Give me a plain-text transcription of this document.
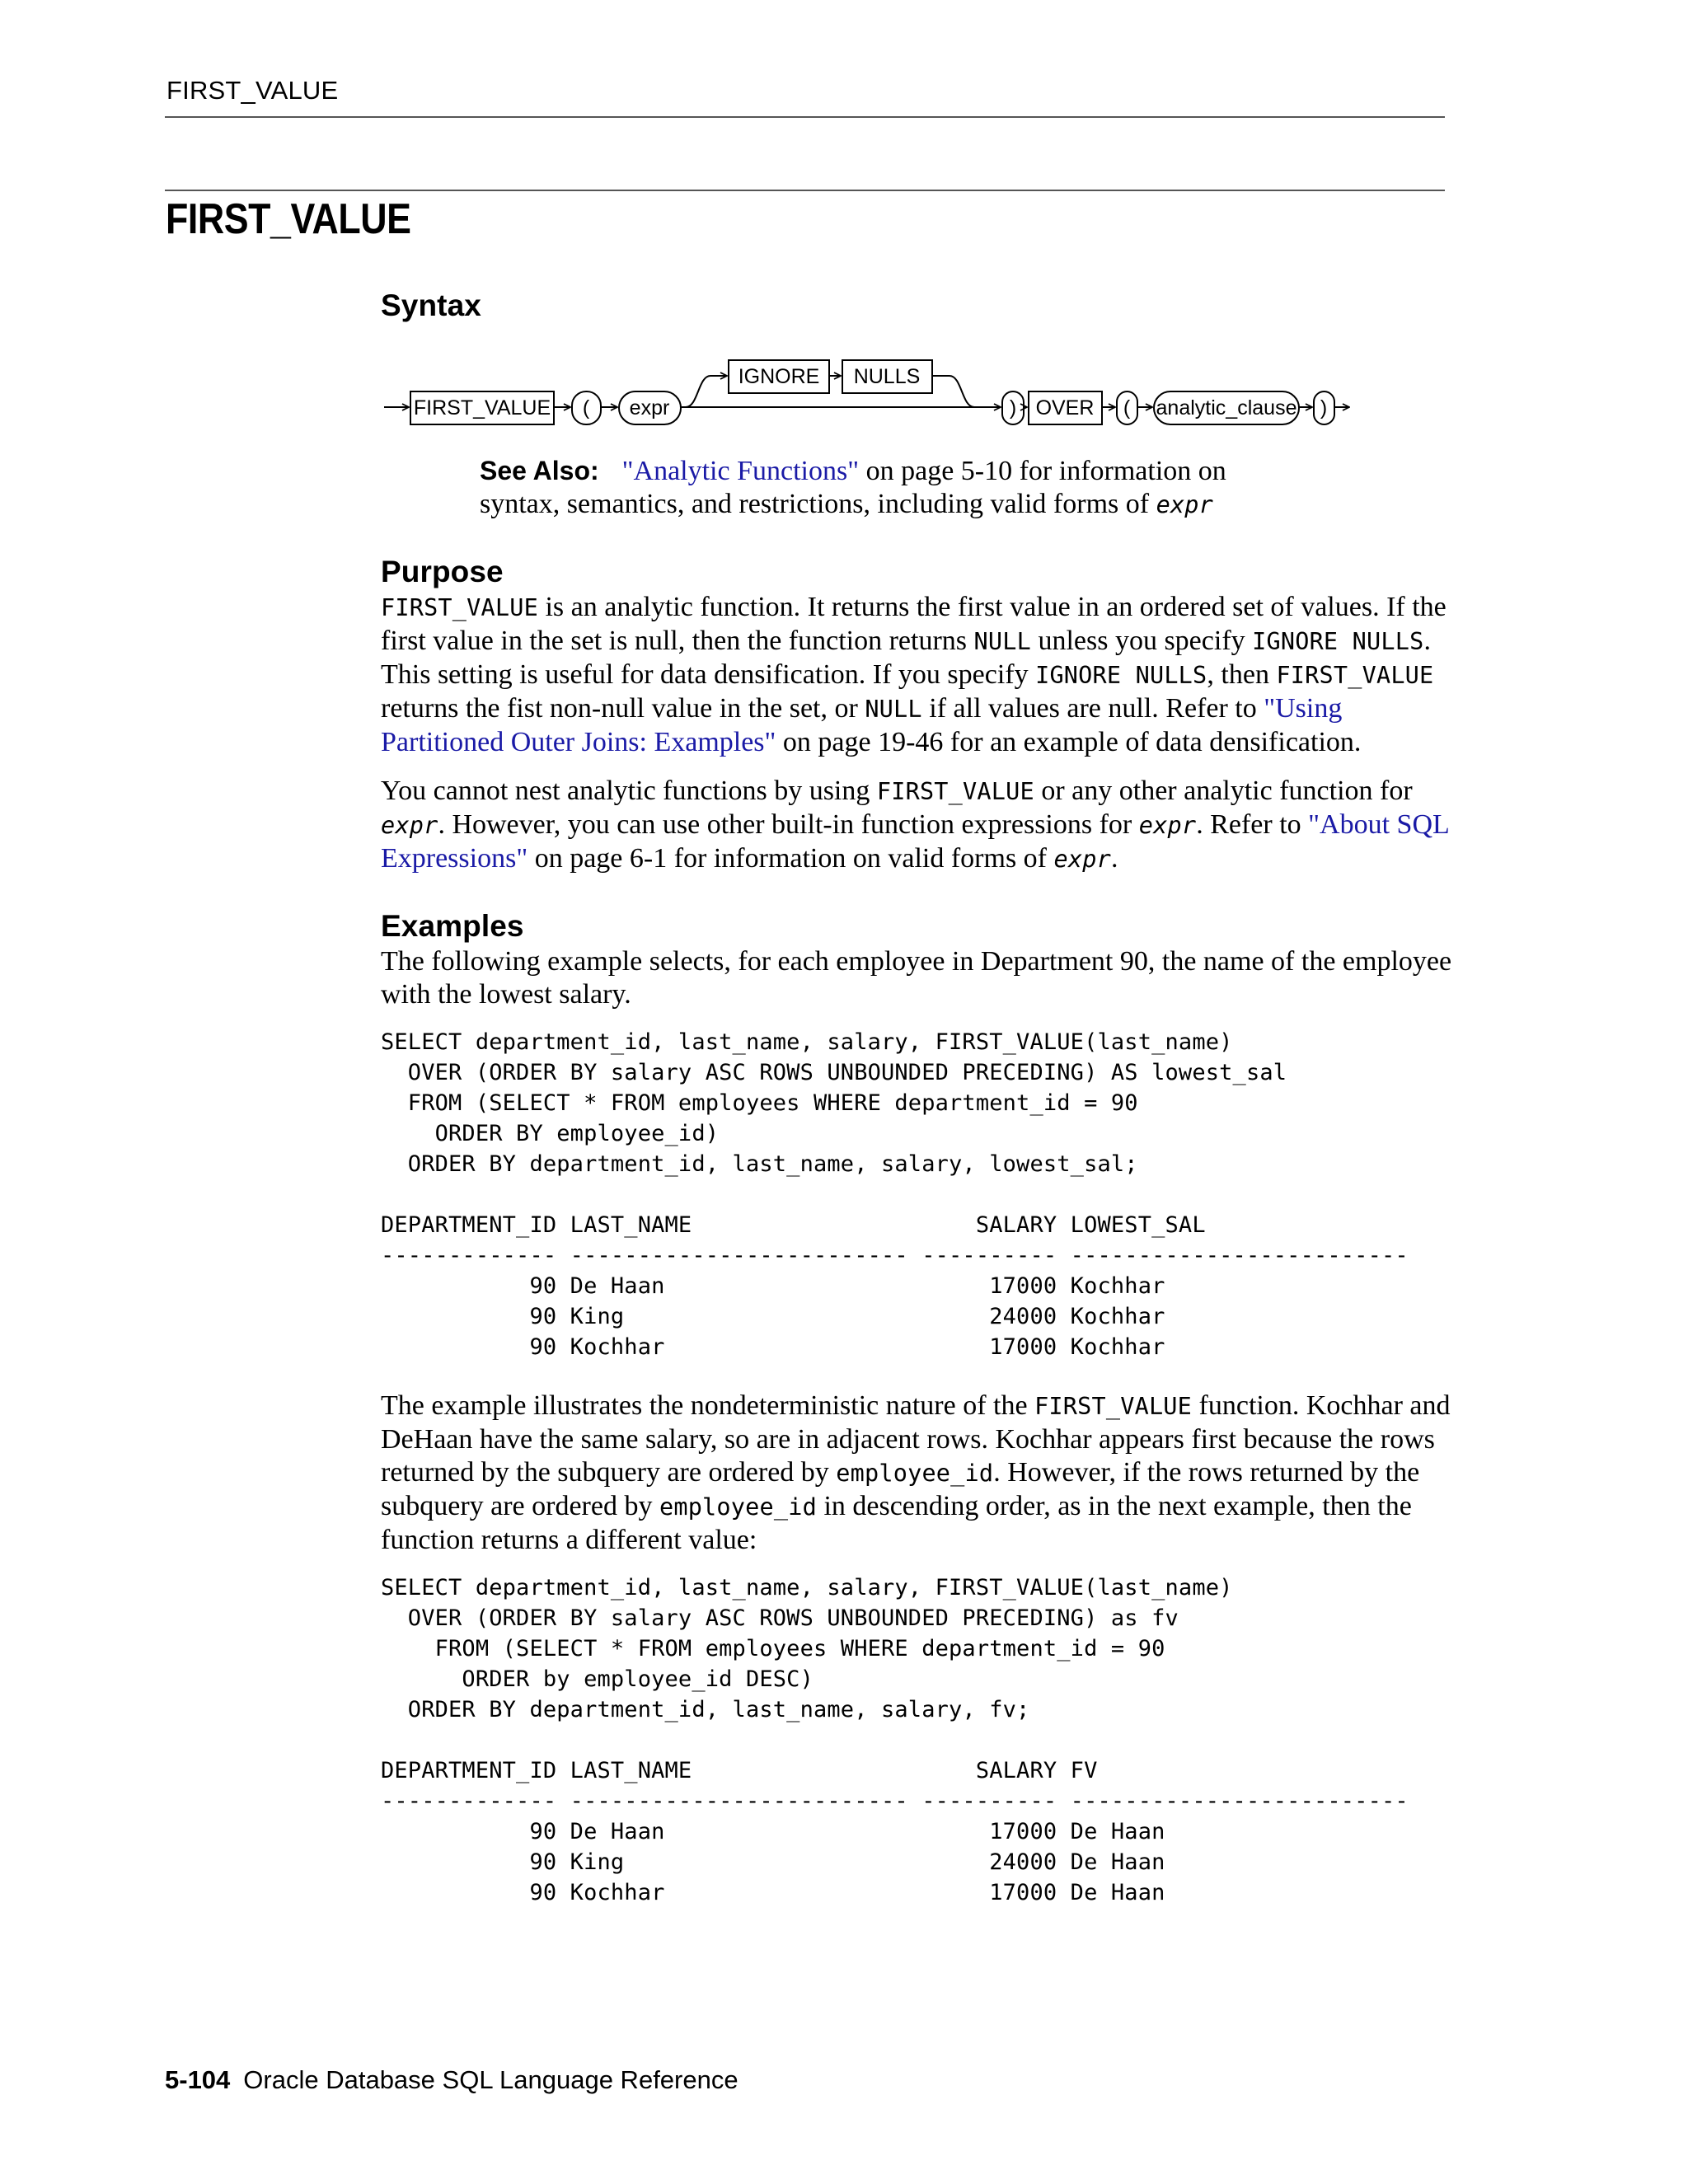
FIRST_VALUE
FIRST_VALUE
Syntax
FIRST_VALUE ( expr
IGNORE NULLS
) OVER ( analytic_clause )

See Also: "Analytic Functions" on page 5-10 for information on syntax, semantics, and restrictions, including valid forms of expr

Purpose

FIRST_VALUE is an analytic function. It returns the first value in an ordered set of values. If the first value in the set is null, then the function returns NULL unless you specify IGNORE NULLS. This setting is useful for data densification. If you specify IGNORE NULLS, then FIRST_VALUE returns the fist non-null value in the set, or NULL if all values are null. Refer to "Using Partitioned Outer Joins: Examples" on page 19-46 for an example of data densification.

You cannot nest analytic functions by using FIRST_VALUE or any other analytic function for expr. However, you can use other built-in function expressions for expr. Refer to "About SQL Expressions" on page 6-1 for information on valid forms of expr.

Examples

The following example selects, for each employee in Department 90, the name of the employee with the lowest salary.

SELECT department_id, last_name, salary, FIRST_VALUE(last_name)
OVER (ORDER BY salary ASC ROWS UNBOUNDED PRECEDING) AS lowest_sal
FROM (SELECT * FROM employees WHERE department_id = 90
ORDER BY employee_id)
ORDER BY department_id, last_name, salary, lowest_sal;
DEPARTMENT_ID LAST_NAME                     SALARY LOWEST_SAL
------------- ------------------------- ---------- -------------------------
90 De Haan                        17000 Kochhar
90 King                           24000 Kochhar
90 Kochhar                        17000 Kochhar

The example illustrates the nondeterministic nature of the FIRST_VALUE function. Kochhar and DeHaan have the same salary, so are in adjacent rows. Kochhar appears first because the rows returned by the subquery are ordered by employee_id. However, if the rows returned by the subquery are ordered by employee_id in descending order, as in the next example, then the function returns a different value:

SELECT department_id, last_name, salary, FIRST_VALUE(last_name)
OVER (ORDER BY salary ASC ROWS UNBOUNDED PRECEDING) as fv
FROM (SELECT * FROM employees WHERE department_id = 90
ORDER by employee_id DESC)
ORDER BY department_id, last_name, salary, fv;
DEPARTMENT_ID LAST_NAME                     SALARY FV
------------- ------------------------- ---------- -------------------------
90 De Haan                        17000 De Haan
90 King                           24000 De Haan
90 Kochhar                        17000 De Haan
5-104 Oracle Database SQL Language Reference
